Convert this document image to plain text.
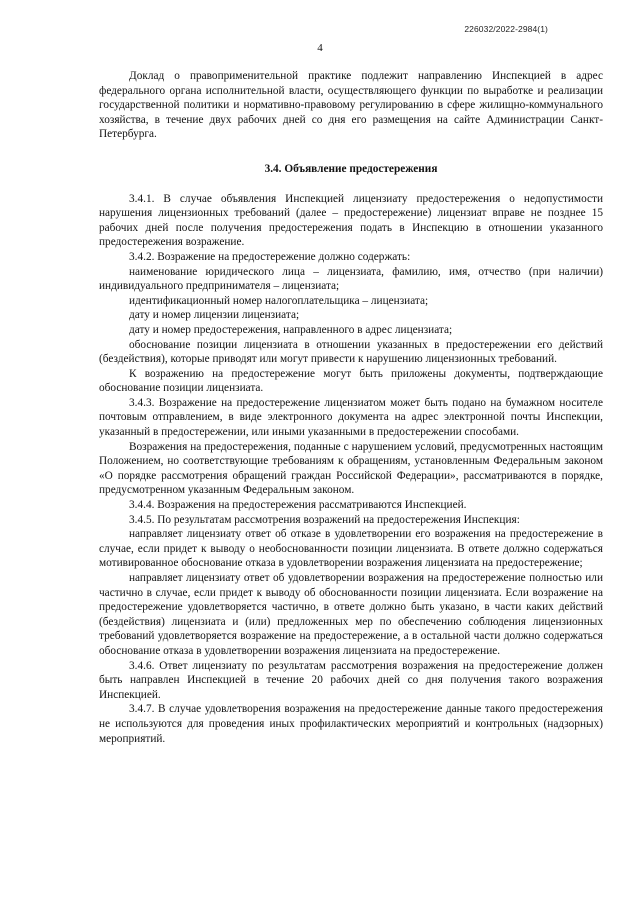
226032/2022-2984(1)
4

Доклад о правоприменительной практике подлежит направлению Инспекцией в адрес федерального органа исполнительной власти, осуществляющего функции по выработке и реализации государственной политики и нормативно-правовому регулированию в сфере жилищно-коммунального хозяйства, в течение двух рабочих дней со дня его размещения на сайте Администрации Санкт-Петербурга.

3.4. Объявление предостережения

3.4.1. В случае объявления Инспекцией лицензиату предостережения о недопустимости нарушения лицензионных требований (далее – предостережение) лицензиат вправе не позднее 15 рабочих дней после получения предостережения подать в Инспекцию в отношении указанного предостережения возражение.

3.4.2. Возражение на предостережение должно содержать:

наименование юридического лица – лицензиата, фамилию, имя, отчество (при наличии) индивидуального предпринимателя – лицензиата;

идентификационный номер налогоплательщика – лицензиата;

дату и номер лицензии лицензиата;

дату и номер предостережения, направленного в адрес лицензиата;

обоснование позиции лицензиата в отношении указанных в предостережении его действий (бездействия), которые приводят или могут привести к нарушению лицензионных требований.

К возражению на предостережение могут быть приложены документы, подтверждающие обоснование позиции лицензиата.

3.4.3. Возражение на предостережение лицензиатом может быть подано на бумажном носителе почтовым отправлением, в виде электронного документа на адрес электронной почты Инспекции, указанный в предостережении, или иными указанными в предостережении способами.

Возражения на предостережения, поданные с нарушением условий, предусмотренных настоящим Положением, но соответствующие требованиям к обращениям, установленным Федеральным законом «О порядке рассмотрения обращений граждан Российской Федерации», рассматриваются в порядке, предусмотренном указанным Федеральным законом.

3.4.4. Возражения на предостережения рассматриваются Инспекцией.

3.4.5. По результатам рассмотрения возражений на предостережения Инспекция:

направляет лицензиату ответ об отказе в удовлетворении его возражения на предостережение в случае, если придет к выводу о необоснованности позиции лицензиата. В ответе должно содержаться мотивированное обоснование отказа в удовлетворении возражения лицензиата на предостережение;

направляет лицензиату ответ об удовлетворении возражения на предостережение полностью или частично в случае, если придет к выводу об обоснованности позиции лицензиата. Если возражение на предостережение удовлетворяется частично, в ответе должно быть указано, в части каких действий (бездействия) лицензиата и (или) предложенных мер по обеспечению соблюдения лицензионных требований удовлетворяется возражение на предостережение, а в остальной части должно содержаться обоснование отказа в удовлетворении возражения лицензиата на предостережение.

3.4.6. Ответ лицензиату по результатам рассмотрения возражения на предостережение должен быть направлен Инспекцией в течение 20 рабочих дней со дня получения такого возражения Инспекцией.

3.4.7. В случае удовлетворения возражения на предостережение данные такого предостережения не используются для проведения иных профилактических мероприятий и контрольных (надзорных) мероприятий.
